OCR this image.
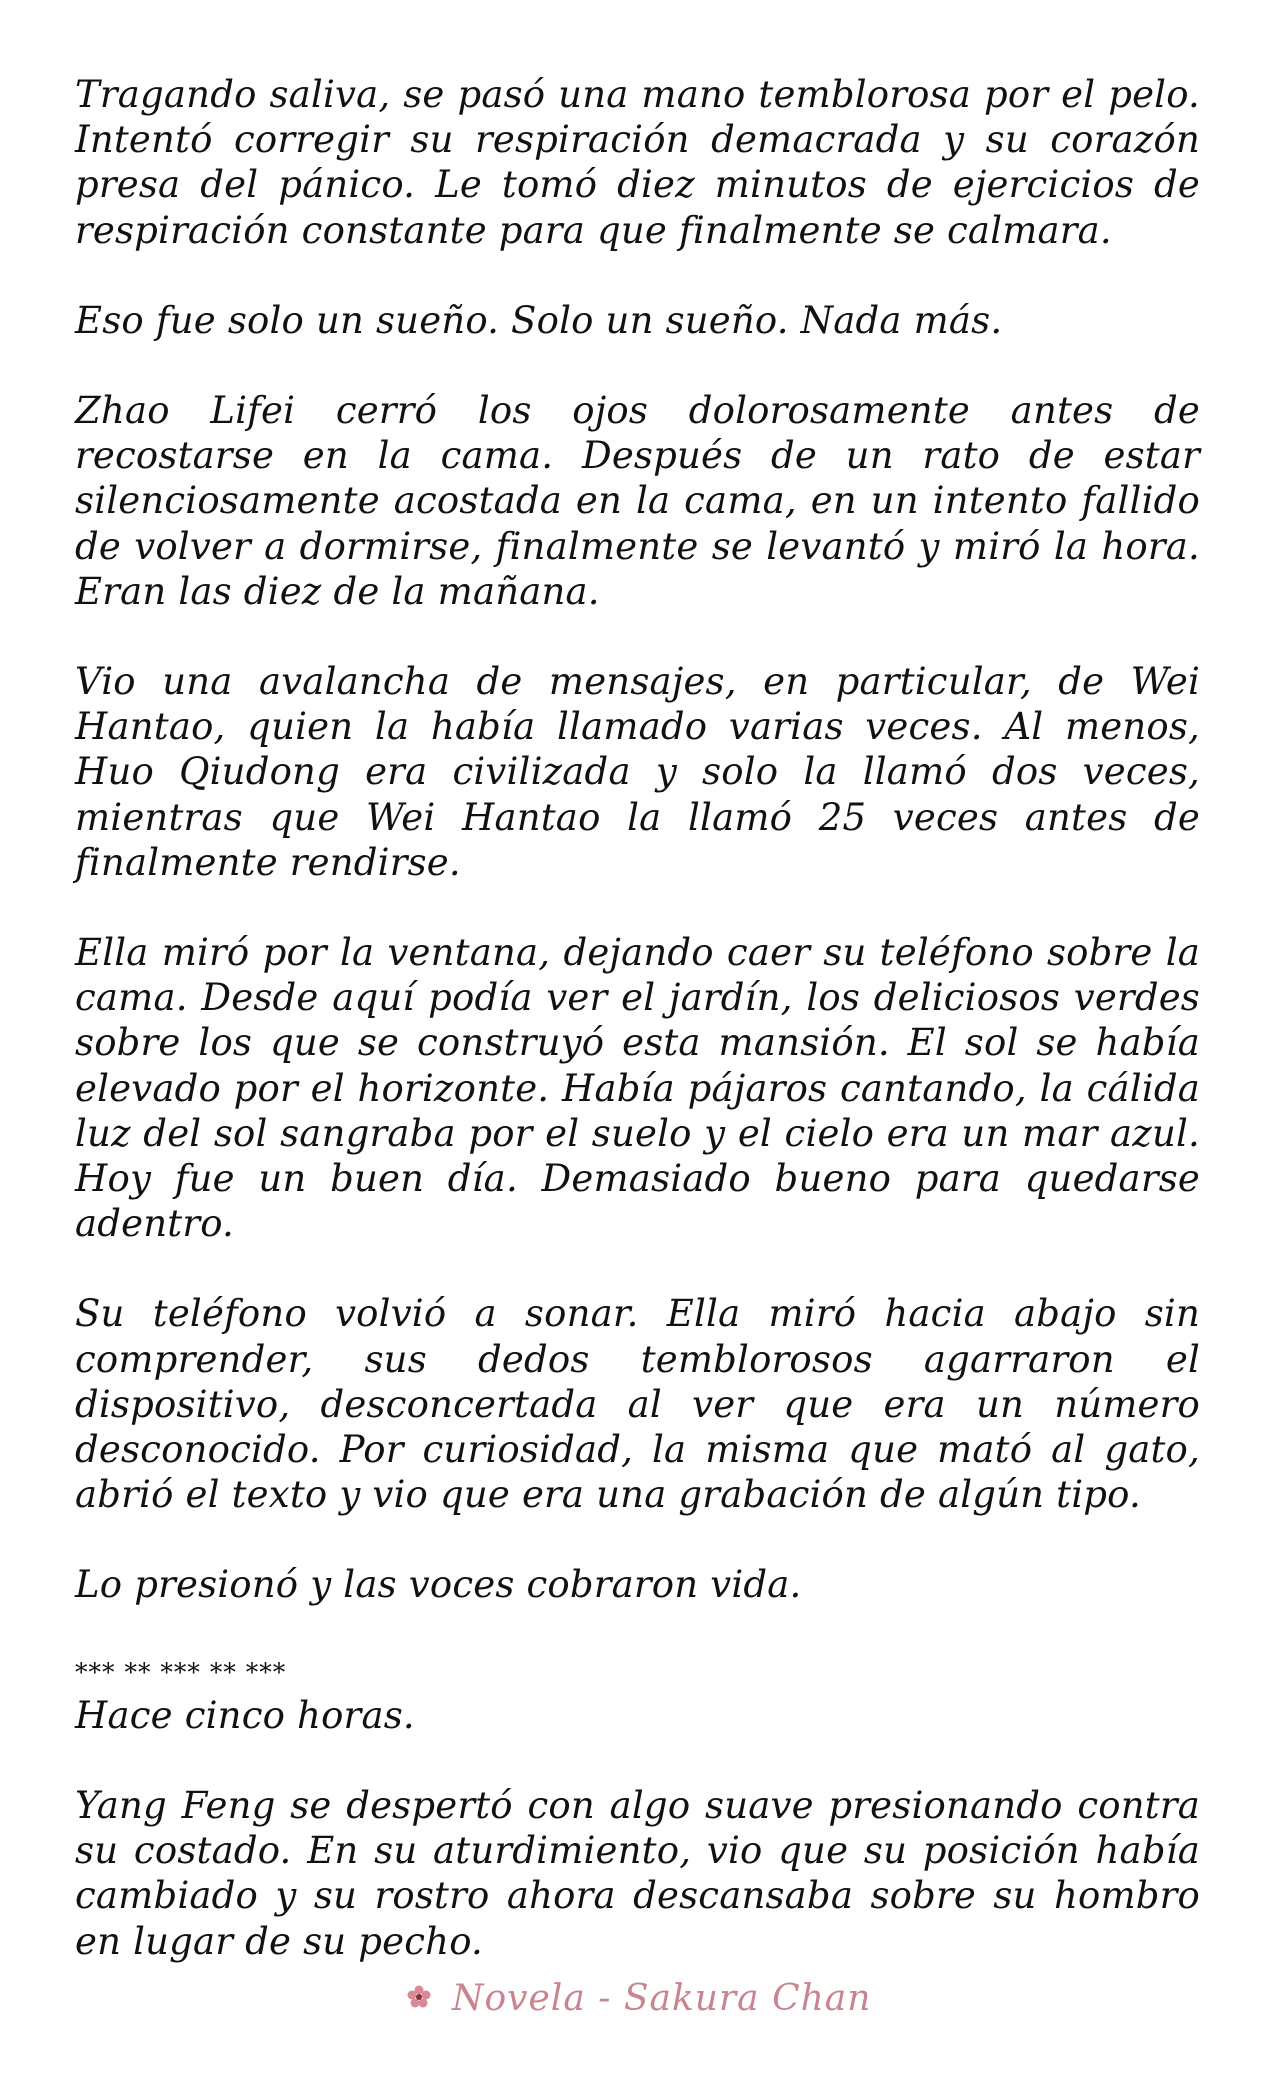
Tragando saliva, se pasó una mano temblorosa por el pelo. Intentó corregir su respiración demacrada y su corazón presa del pánico. Le tomó diez minutos de ejercicios de respiración constante para que finalmente se calmara.

Eso fue solo un sueño. Solo un sueño. Nada más.

Zhao Lifei cerró los ojos dolorosamente antes de recostarse en la cama. Después de un rato de estar silenciosamente acostada en la cama, en un intento fallido de volver a dormirse, finalmente se levantó y miró la hora. Eran las diez de la mañana.

Vio una avalancha de mensajes, en particular, de Wei Hantao, quien la había llamado varias veces. Al menos, Huo Qiudong era civilizada y solo la llamó dos veces, mientras que Wei Hantao la llamó 25 veces antes de finalmente rendirse.

Ella miró por la ventana, dejando caer su teléfono sobre la cama. Desde aquí podía ver el jardín, los deliciosos verdes sobre los que se construyó esta mansión. El sol se había elevado por el horizonte. Había pájaros cantando, la cálida luz del sol sangraba por el suelo y el cielo era un mar azul. Hoy fue un buen día. Demasiado bueno para quedarse adentro.

Su teléfono volvió a sonar. Ella miró hacia abajo sin comprender, sus dedos temblorosos agarraron el dispositivo, desconcertada al ver que era un número desconocido. Por curiosidad, la misma que mató al gato, abrió el texto y vio que era una grabación de algún tipo.

Lo presionó y las voces cobraron vida.

*** ** *** ** ***

Hace cinco horas.

Yang Feng se despertó con algo suave presionando contra su costado. En su aturdimiento, vio que su posición había cambiado y su rostro ahora descansaba sobre su hombro en lugar de su pecho.

Novela - Sakura Chan
